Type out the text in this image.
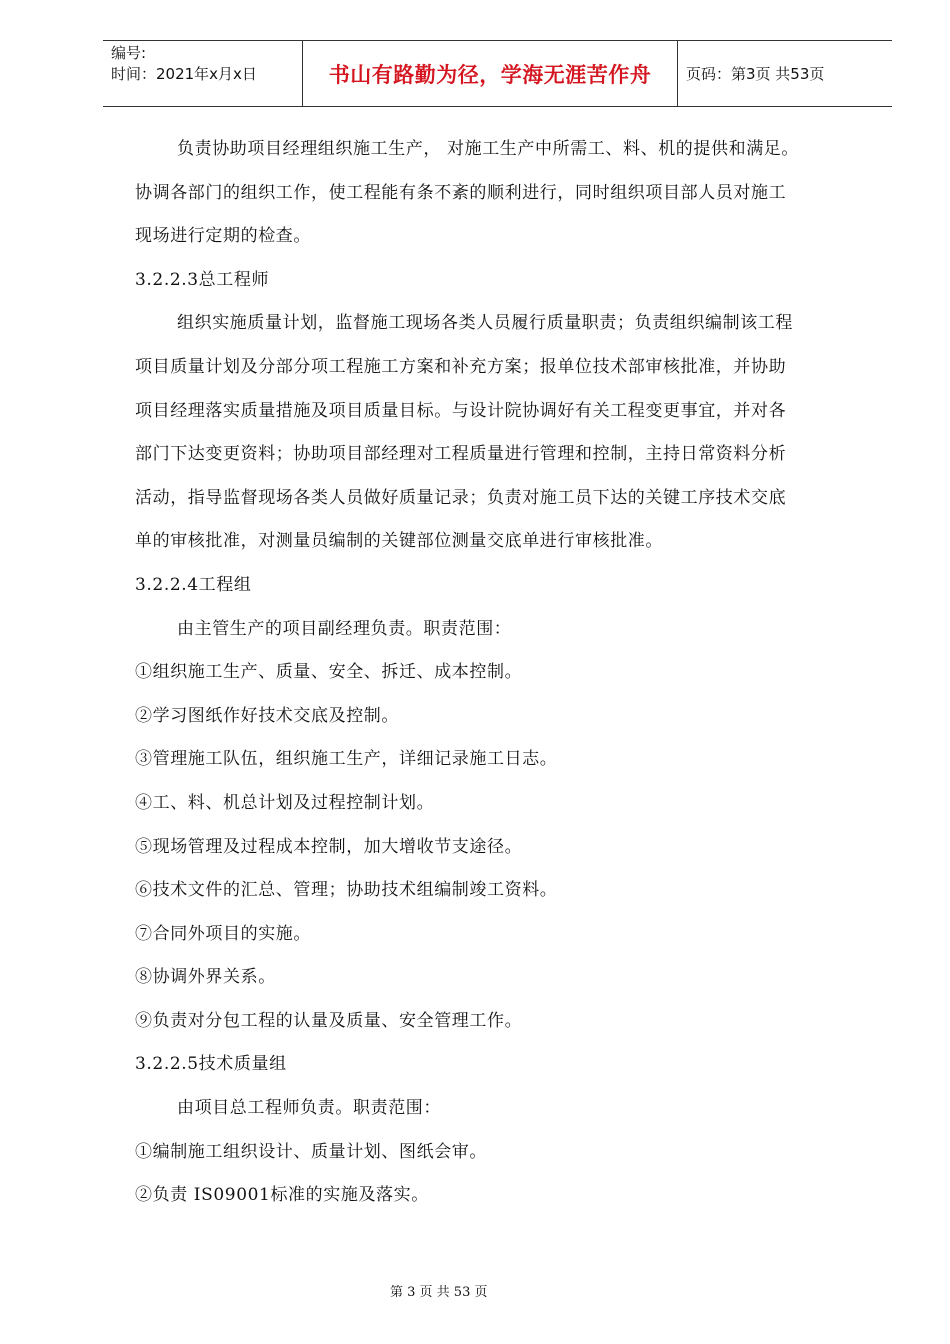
编号:
时间：2021年x月x日	书山有路勤为径，学海无涯苦作舟	页码：第3页 共53页

负责协助项目经理组织施工生产， 对施工生产中所需工、料、机的提供和满足。

协调各部门的组织工作，使工程能有条不紊的顺利进行，同时组织项目部人员对施工

现场进行定期的检查。

3.2.2.3总工程师

组织实施质量计划，监督施工现场各类人员履行质量职责；负责组织编制该工程

项目质量计划及分部分项工程施工方案和补充方案；报单位技术部审核批准，并协助

项目经理落实质量措施及项目质量目标。与设计院协调好有关工程变更事宜，并对各

部门下达变更资料；协助项目部经理对工程质量进行管理和控制，主持日常资料分析

活动，指导监督现场各类人员做好质量记录；负责对施工员下达的关键工序技术交底

单的审核批准，对测量员编制的关键部位测量交底单进行审核批准。

3.2.2.4工程组

由主管生产的项目副经理负责。职责范围：

①组织施工生产、质量、安全、拆迁、成本控制。

②学习图纸作好技术交底及控制。

③管理施工队伍，组织施工生产，详细记录施工日志。

④工、料、机总计划及过程控制计划。

⑤现场管理及过程成本控制，加大增收节支途径。

⑥技术文件的汇总、管理；协助技术组编制竣工资料。

⑦合同外项目的实施。

⑧协调外界关系。

⑨负责对分包工程的认量及质量、安全管理工作。

3.2.2.5技术质量组

由项目总工程师负责。职责范围：

①编制施工组织设计、质量计划、图纸会审。

②负责 IS09001标准的实施及落实。

第 3 页 共 53 页
